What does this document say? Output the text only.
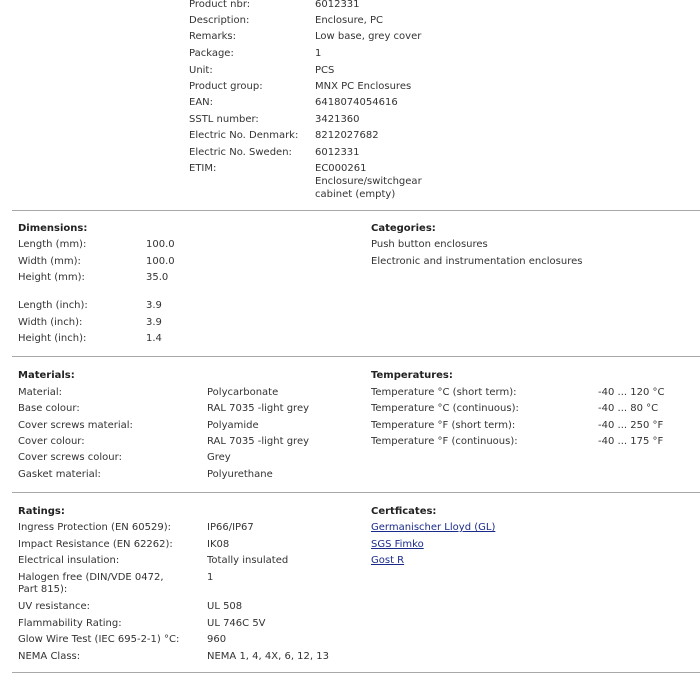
Product nbr:	6012331
Description:	Enclosure, PC
Remarks:	Low base, grey cover
Package:	1
Unit:	PCS
Product group:	MNX PC Enclosures
EAN:	6418074054616
SSTL number:	3421360
Electric No. Denmark: 8212027682
Electric No. Sweden: 6012331
ETIM:	EC000261
Enclosure/switchgear
cabinet (empty)
Dimensions:
Length (mm):	100.0
Width (mm):	100.0
Height (mm):	35.0
Length (inch):	3.9
Width (inch):	3.9
Height (inch):	1.4
Categories:
Push button enclosures
Electronic and instrumentation enclosures
Materials:
Material:	Polycarbonate
Base colour:	RAL 7035 -light grey
Cover screws material:	Polyamide
Cover colour:	RAL 7035 -light grey
Cover screws colour:	Grey
Gasket material:	Polyurethane
Temperatures:
Temperature °C (short term):	-40 ... 120 °C
Temperature °C (continuous):	-40 ... 80 °C
Temperature °F (short term):	-40 ... 250 °F
Temperature °F (continuous):	-40 ... 175 °F
Ratings:
Ingress Protection (EN 60529):	IP66/IP67
Impact Resistance (EN 62262):	IK08
Electrical insulation:	Totally insulated
Halogen free (DIN/VDE 0472, Part 815):
1
UV resistance:	UL 508
Flammability Rating:	UL 746C 5V
Glow Wire Test (IEC 695-2-1) °C:	960
NEMA Class:	NEMA 1, 4, 4X, 6, 12, 13
Certficates:
Germanischer Lloyd (GL)
SGS Fimko
Gost R
